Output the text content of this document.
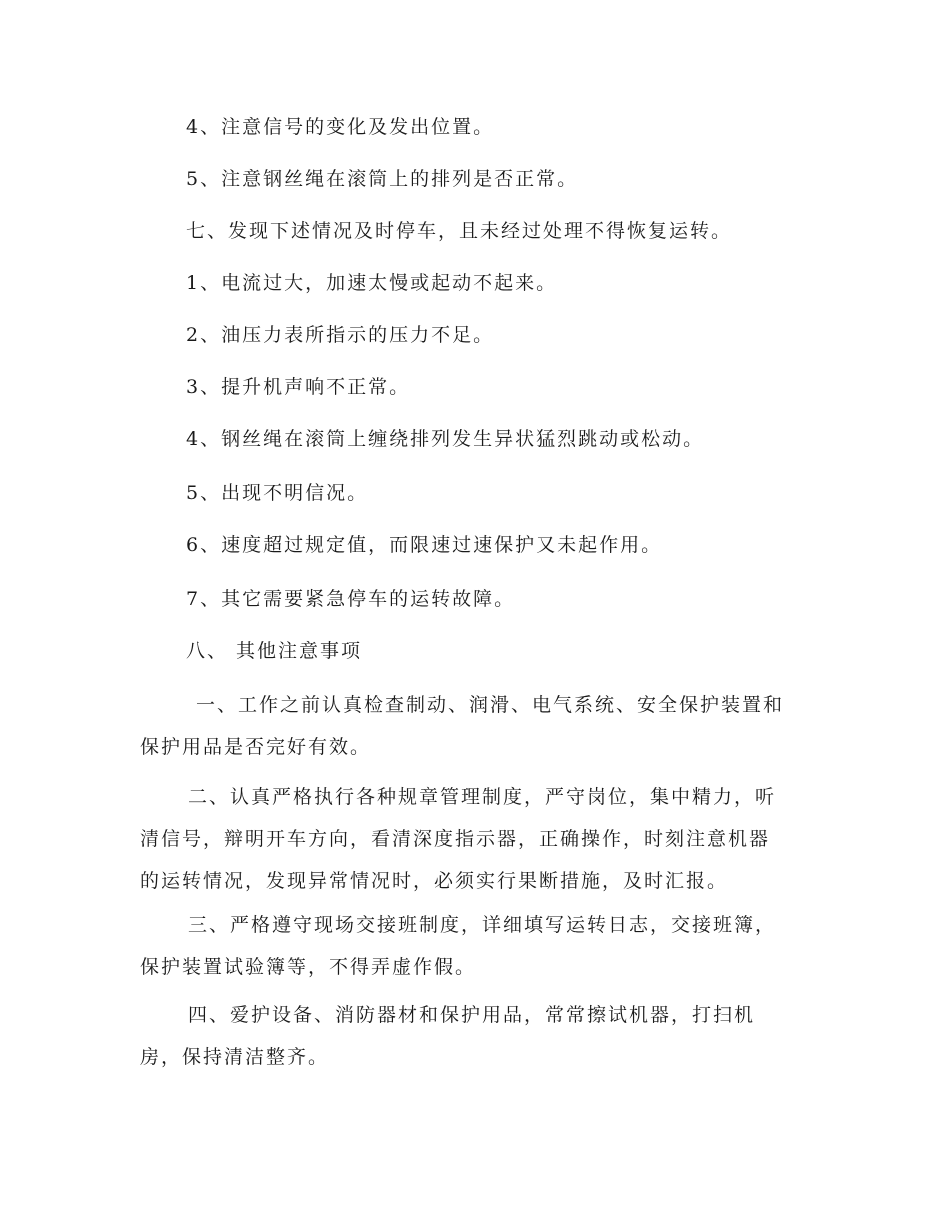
4、注意信号的变化及发出位置。
5、注意钢丝绳在滚筒上的排列是否正常。
七、发现下述情况及时停车，且未经过处理不得恢复运转。
1、电流过大，加速太慢或起动不起来。
2、油压力表所指示的压力不足。
3、提升机声响不正常。
4、钢丝绳在滚筒上缠绕排列发生异状猛烈跳动或松动。
5、出现不明信况。
6、速度超过规定值，而限速过速保护又未起作用。
7、其它需要紧急停车的运转故障。
八、 其他注意事项
一、工作之前认真检查制动、润滑、电气系统、安全保护装置和
保护用品是否完好有效。
二、认真严格执行各种规章管理制度，严守岗位，集中精力，听
清信号，辩明开车方向，看清深度指示器，正确操作，时刻注意机器
的运转情况，发现异常情况时，必须实行果断措施，及时汇报。
三、严格遵守现场交接班制度，详细填写运转日志，交接班簿，
保护装置试验簿等，不得弄虚作假。
四、爱护设备、消防器材和保护用品，常常擦试机器，打扫机
房，保持清洁整齐。
